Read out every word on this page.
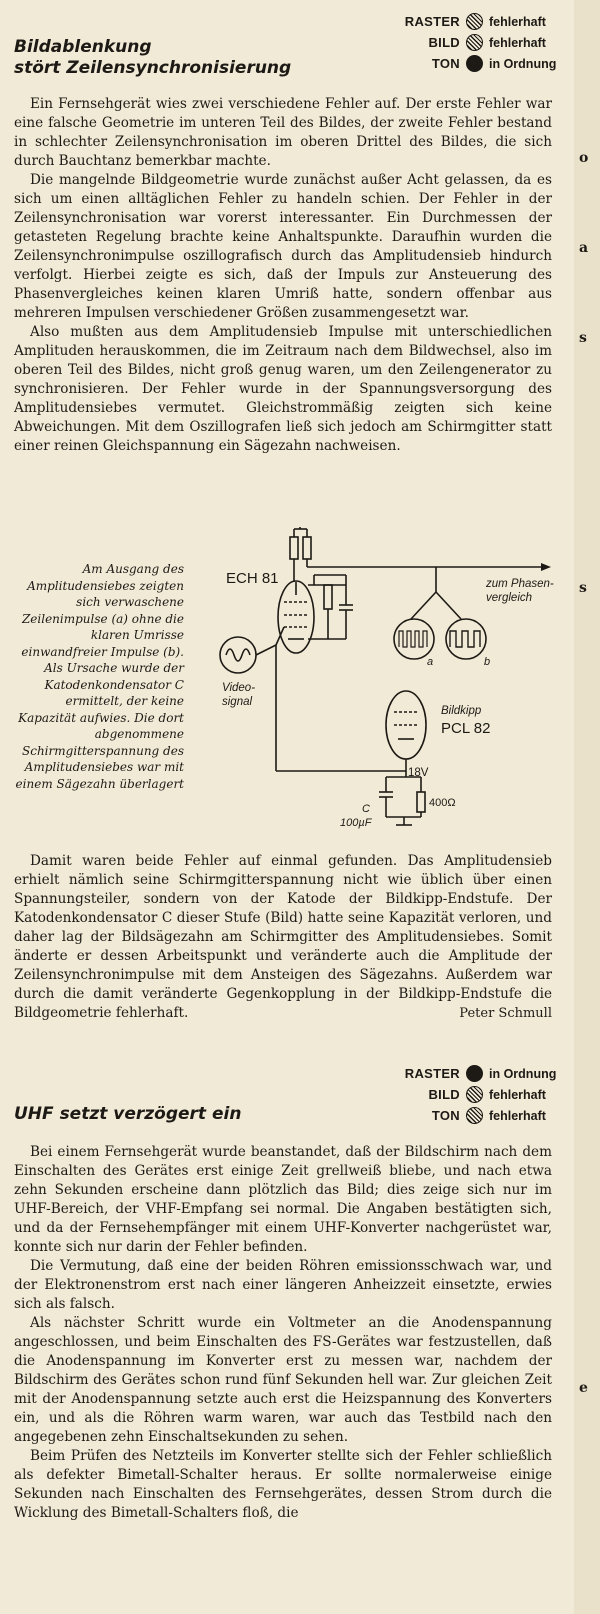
Bildablenkung
stört Zeilensynchronisierung
RASTER fehlerhaft
BILD fehlerhaft
TON in Ordnung

Ein Fernsehgerät wies zwei verschiedene Fehler auf. Der erste Fehler war eine falsche Geometrie im unteren Teil des Bildes, der zweite Fehler bestand in schlechter Zeilensynchronisation im oberen Drittel des Bildes, die sich durch Bauchtanz bemerkbar machte.

Die mangelnde Bildgeometrie wurde zunächst außer Acht gelassen, da es sich um einen alltäglichen Fehler zu handeln schien. Der Fehler in der Zeilensynchronisation war vorerst interessanter. Ein Durchmessen der getasteten Regelung brachte keine Anhaltspunkte. Daraufhin wurden die Zeilensynchronimpulse oszillografisch durch das Amplitudensieb hindurch verfolgt. Hierbei zeigte es sich, daß der Impuls zur Ansteuerung des Phasenvergleiches keinen klaren Umriß hatte, sondern offenbar aus mehreren Impulsen verschiedener Größen zusammengesetzt war.

Also mußten aus dem Amplitudensieb Impulse mit unterschiedlichen Amplituden herauskommen, die im Zeitraum nach dem Bildwechsel, also im oberen Teil des Bildes, nicht groß genug waren, um den Zeilengenerator zu synchronisieren. Der Fehler wurde in der Spannungsversorgung des Amplitudensiebes vermutet. Gleichstrommäßig zeigten sich keine Abweichungen. Mit dem Oszillografen ließ sich jedoch am Schirmgitter statt einer reinen Gleichspannung ein Sägezahn nachweisen.

Am Ausgang des Amplitudensiebes zeigten sich verwaschene Zeilenimpulse (a) ohne die klaren Umrisse einwandfreier Impulse (b). Als Ursache wurde der Katodenkondensator C ermittelt, der keine Kapazität aufwies. Die dort abgenommene Schirmgitterspannung des Amplitudensiebes war mit einem Sägezahn überlagert
ECH 81	zum Phasen-
vergleich
a	b
Video-
signal
Bildkipp
PCL 82
18V
C
100µF
400Ω

Damit waren beide Fehler auf einmal gefunden. Das Amplitudensieb erhielt nämlich seine Schirmgitterspannung nicht wie üblich über einen Spannungsteiler, sondern von der Katode der Bildkipp-Endstufe. Der Katodenkondensator C dieser Stufe (Bild) hatte seine Kapazität verloren, und daher lag der Bildsägezahn am Schirmgitter des Amplitudensiebes. Somit änderte er dessen Arbeitspunkt und veränderte auch die Amplitude der Zeilensynchronimpulse mit dem Ansteigen des Sägezahns. Außerdem war durch die damit veränderte Gegenkopplung in der Bildkipp-Endstufe die Bildgeometrie fehlerhaft.	Peter Schmull

RASTER in Ordnung
BILD fehlerhaft
TON fehlerhaft
UHF setzt verzögert ein

Bei einem Fernsehgerät wurde beanstandet, daß der Bildschirm nach dem Einschalten des Gerätes erst einige Zeit grellweiß bliebe, und nach etwa zehn Sekunden erscheine dann plötzlich das Bild; dies zeige sich nur im UHF-Bereich, der VHF-Empfang sei normal. Die Angaben bestätigten sich, und da der Fernsehempfänger mit einem UHF-Konverter nachgerüstet war, konnte sich nur darin der Fehler befinden.

Die Vermutung, daß eine der beiden Röhren emissionsschwach war, und der Elektronenstrom erst nach einer längeren Anheizzeit einsetzte, erwies sich als falsch.

Als nächster Schritt wurde ein Voltmeter an die Anodenspannung angeschlossen, und beim Einschalten des FS-Gerätes war festzustellen, daß die Anodenspannung im Konverter erst zu messen war, nachdem der Bildschirm des Gerätes schon rund fünf Sekunden hell war. Zur gleichen Zeit mit der Anodenspannung setzte auch erst die Heizspannung des Konverters ein, und als die Röhren warm waren, war auch das Testbild nach den angegebenen zehn Einschaltsekunden zu sehen.

Beim Prüfen des Netzteils im Konverter stellte sich der Fehler schließlich als defekter Bimetall-Schalter heraus. Er sollte normalerweise einige Sekunden nach Einschalten des Fernsehgerätes, dessen Strom durch die Wicklung des Bimetall-Schalters floß, die

o
a
s
s
e
